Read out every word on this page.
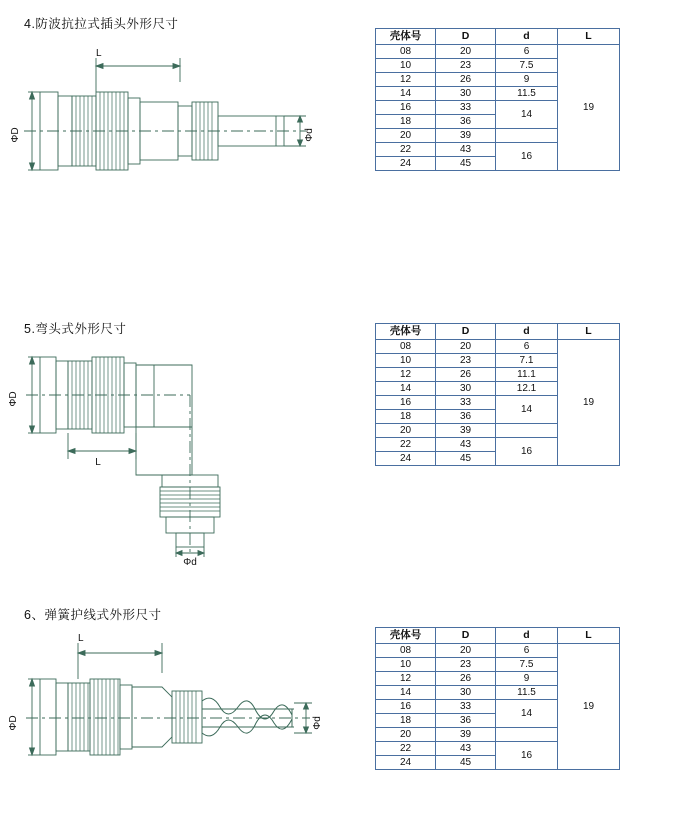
4.防波抗拉式插头外形尺寸
L
ΦD	Φd
壳体号	D	d	L
08	20	6	19
10	23	7.5	
12	26	9	
14	30	11.5	
16	33	14	
18	36		
20	39		
22	43	16	
24	45		
5.弯头式外形尺寸
ΦD
L
Φd
壳体号	D	d	L
08	20	6	19
10	23	7.1	
12	26	11.1	
14	30	12.1	
16	33	14	
18	36		
20	39		
22	43	16	
24	45		
6、弹簧护线式外形尺寸
L
ΦD	Φd
壳体号	D	d	L
08	20	6	19
10	23	7.5	
12	26	9	
14	30	11.5	
16	33	14	
18	36		
20	39		
22	43	16	
24	45		
